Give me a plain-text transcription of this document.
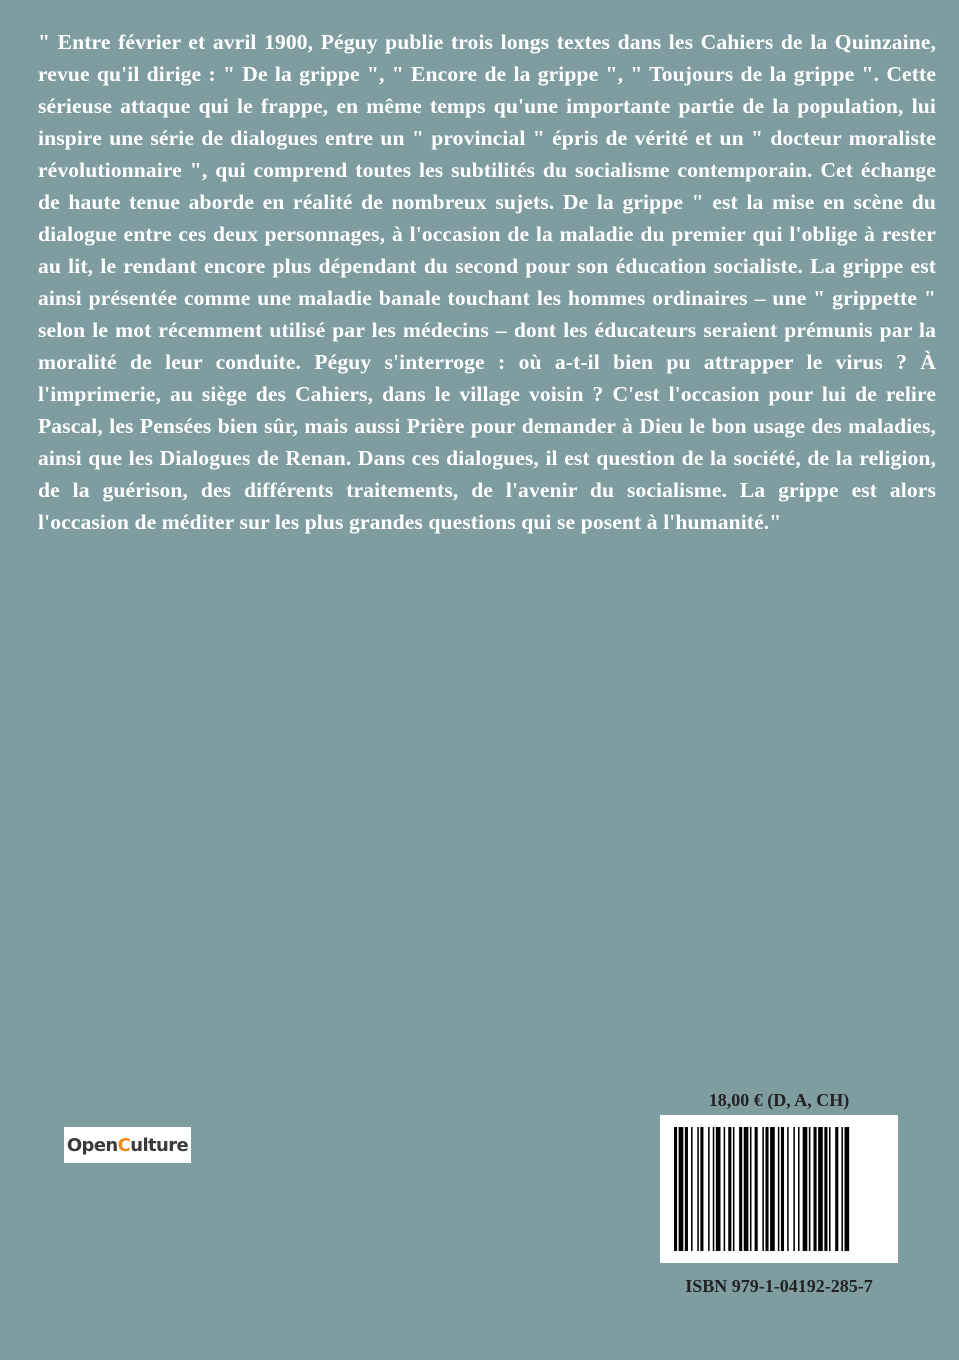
" Entre février et avril 1900, Péguy publie trois longs textes dans les Cahiers de la Quinzaine, revue qu'il dirige : " De la grippe ", " Encore de la grippe ", " Toujours de la grippe ". Cette sérieuse attaque qui le frappe, en même temps qu'une importante partie de la population, lui inspire une série de dialogues entre un " provincial " épris de vérité et un " docteur moraliste révolutionnaire ", qui comprend toutes les subtilités du socialisme contemporain. Cet échange de haute tenue aborde en réalité de nombreux sujets. De la grippe " est la mise en scène du dialogue entre ces deux personnages, à l'occasion de la maladie du premier qui l'oblige à rester au lit, le rendant encore plus dépendant du second pour son éducation socialiste. La grippe est ainsi présentée comme une maladie banale touchant les hommes ordinaires – une " grippette " selon le mot récemment utilisé par les médecins – dont les éducateurs seraient prémunis par la moralité de leur conduite. Péguy s'interroge : où a-t-il bien pu attrapper le virus ? À l'imprimerie, au siège des Cahiers, dans le village voisin ? C'est l'occasion pour lui de relire Pascal, les Pensées bien sûr, mais aussi Prière pour demander à Dieu le bon usage des maladies, ainsi que les Dialogues de Renan. Dans ces dialogues, il est question de la société, de la religion, de la guérison, des différents traitements, de l'avenir du socialisme. La grippe est alors l'occasion de méditer sur les plus grandes questions qui se posent à l'humanité."

Open C ulture
18,00 € (D, A, CH)
ISBN 979-1-04192-285-7
